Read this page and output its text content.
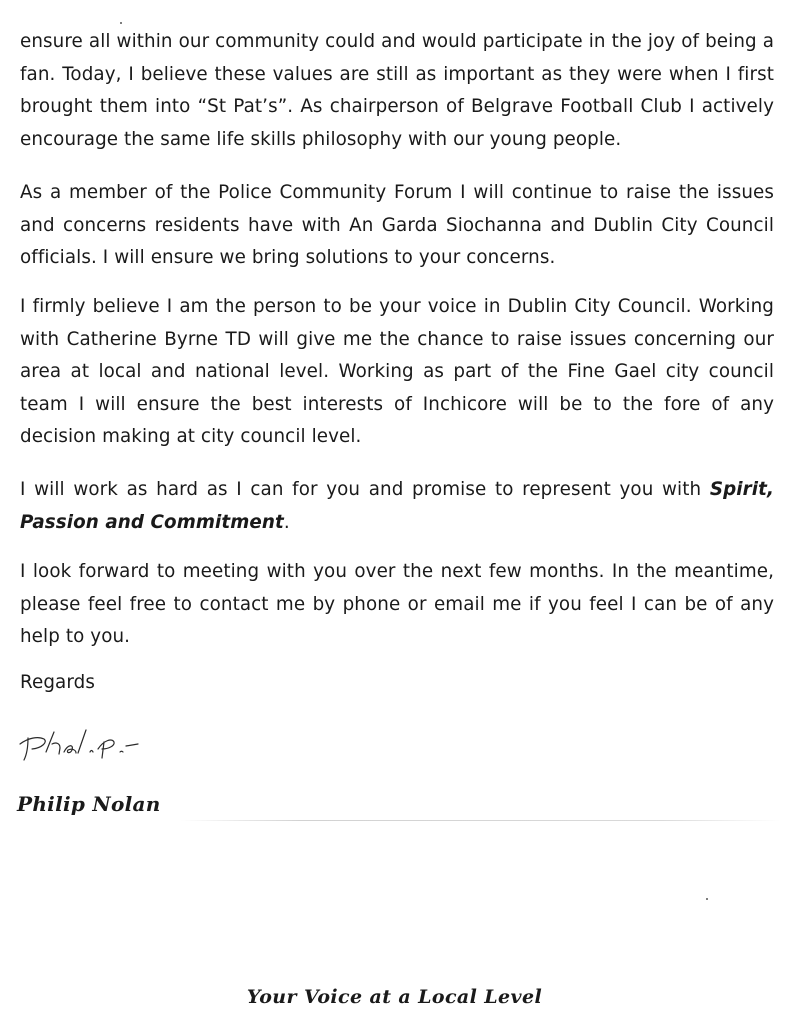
ensure all within our community could and would participate in the joy of being a fan. Today, I believe these values are still as important as they were when I first brought them into “St Pat’s”. As chairperson of Belgrave Football Club I actively encourage the same life skills philosophy with our young people.

As a member of the Police Community Forum I will continue to raise the issues and concerns residents have with An Garda Siochanna and Dublin City Council officials. I will ensure we bring solutions to your concerns.

I firmly believe I am the person to be your voice in Dublin City Council. Working with Catherine Byrne TD will give me the chance to raise issues concerning our area at local and national level. Working as part of the Fine Gael city council team I will ensure the best interests of Inchicore will be to the fore of any decision making at city council level.

I will work as hard as I can for you and promise to represent you with Spirit, Passion and Commitment.

I look forward to meeting with you over the next few months. In the meantime, please feel free to contact me by phone or email me if you feel I can be of any help to you.

Regards

Philip Nolan
Your Voice at a Local Level
